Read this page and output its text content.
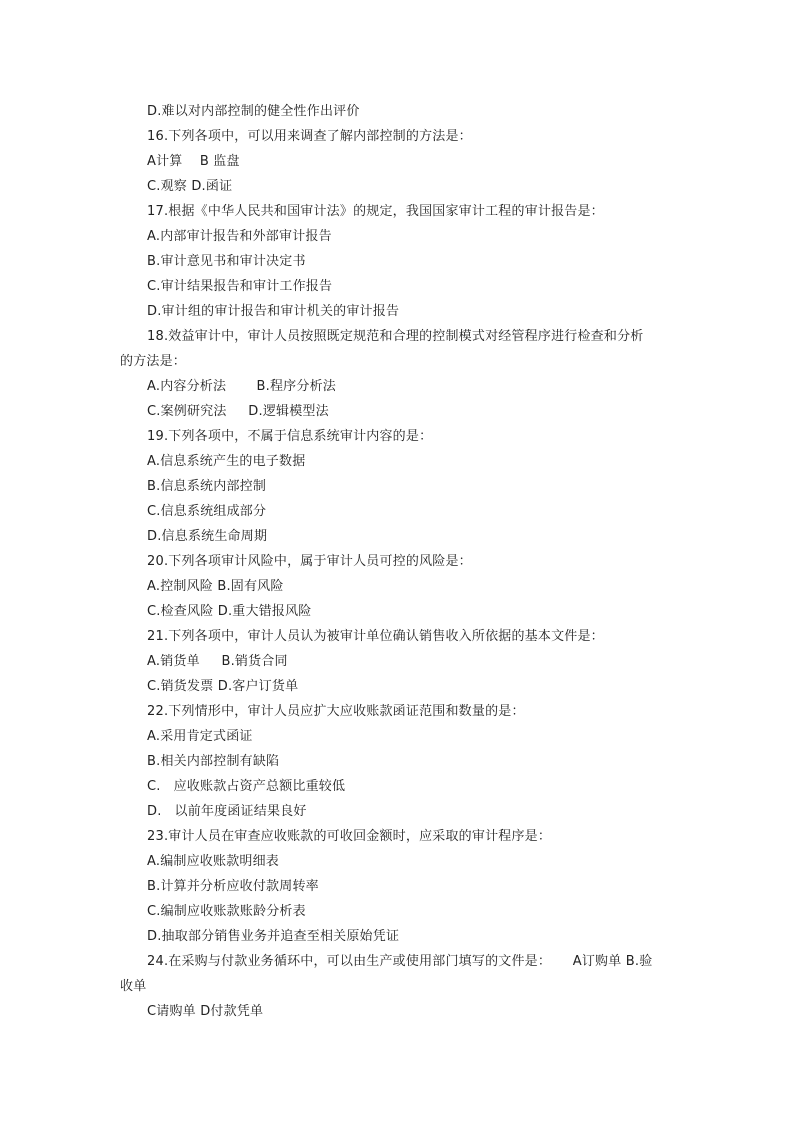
D.难以对内部控制的健全性作出评价
16.下列各项中，可以用来调查了解内部控制的方法是：
A计算    B 监盘
C.观察 D.函证
17.根据《中华人民共和国审计法》的规定，我国国家审计工程的审计报告是：
A.内部审计报告和外部审计报告
B.审计意见书和审计决定书
C.审计结果报告和审计工作报告
D.审计组的审计报告和审计机关的审计报告
18.效益审计中，审计人员按照既定规范和合理的控制模式对经管程序进行检查和分析
的方法是：
A.内容分析法       B.程序分析法
C.案例研究法     D.逻辑模型法
19.下列各项中，不属于信息系统审计内容的是：
A.信息系统产生的电子数据
B.信息系统内部控制
C.信息系统组成部分
D.信息系统生命周期
20.下列各项审计风险中，属于审计人员可控的风险是：
A.控制风险 B.固有风险
C.检查风险 D.重大错报风险
21.下列各项中，审计人员认为被审计单位确认销售收入所依据的基本文件是：
A.销货单     B.销货合同
C.销货发票 D.客户订货单
22.下列情形中，审计人员应扩大应收账款函证范围和数量的是：
A.采用肯定式函证
B.相关内部控制有缺陷
C.   应收账款占资产总额比重较低
D.   以前年度函证结果良好
23.审计人员在审查应收账款的可收回金额时，应采取的审计程序是：
A.编制应收账款明细表
B.计算并分析应收付款周转率
C.编制应收账款账龄分析表
D.抽取部分销售业务并追查至相关原始凭证
24.在采购与付款业务循环中，可以由生产或使用部门填写的文件是：     A订购单 B.验
收单
C请购单 D付款凭单
